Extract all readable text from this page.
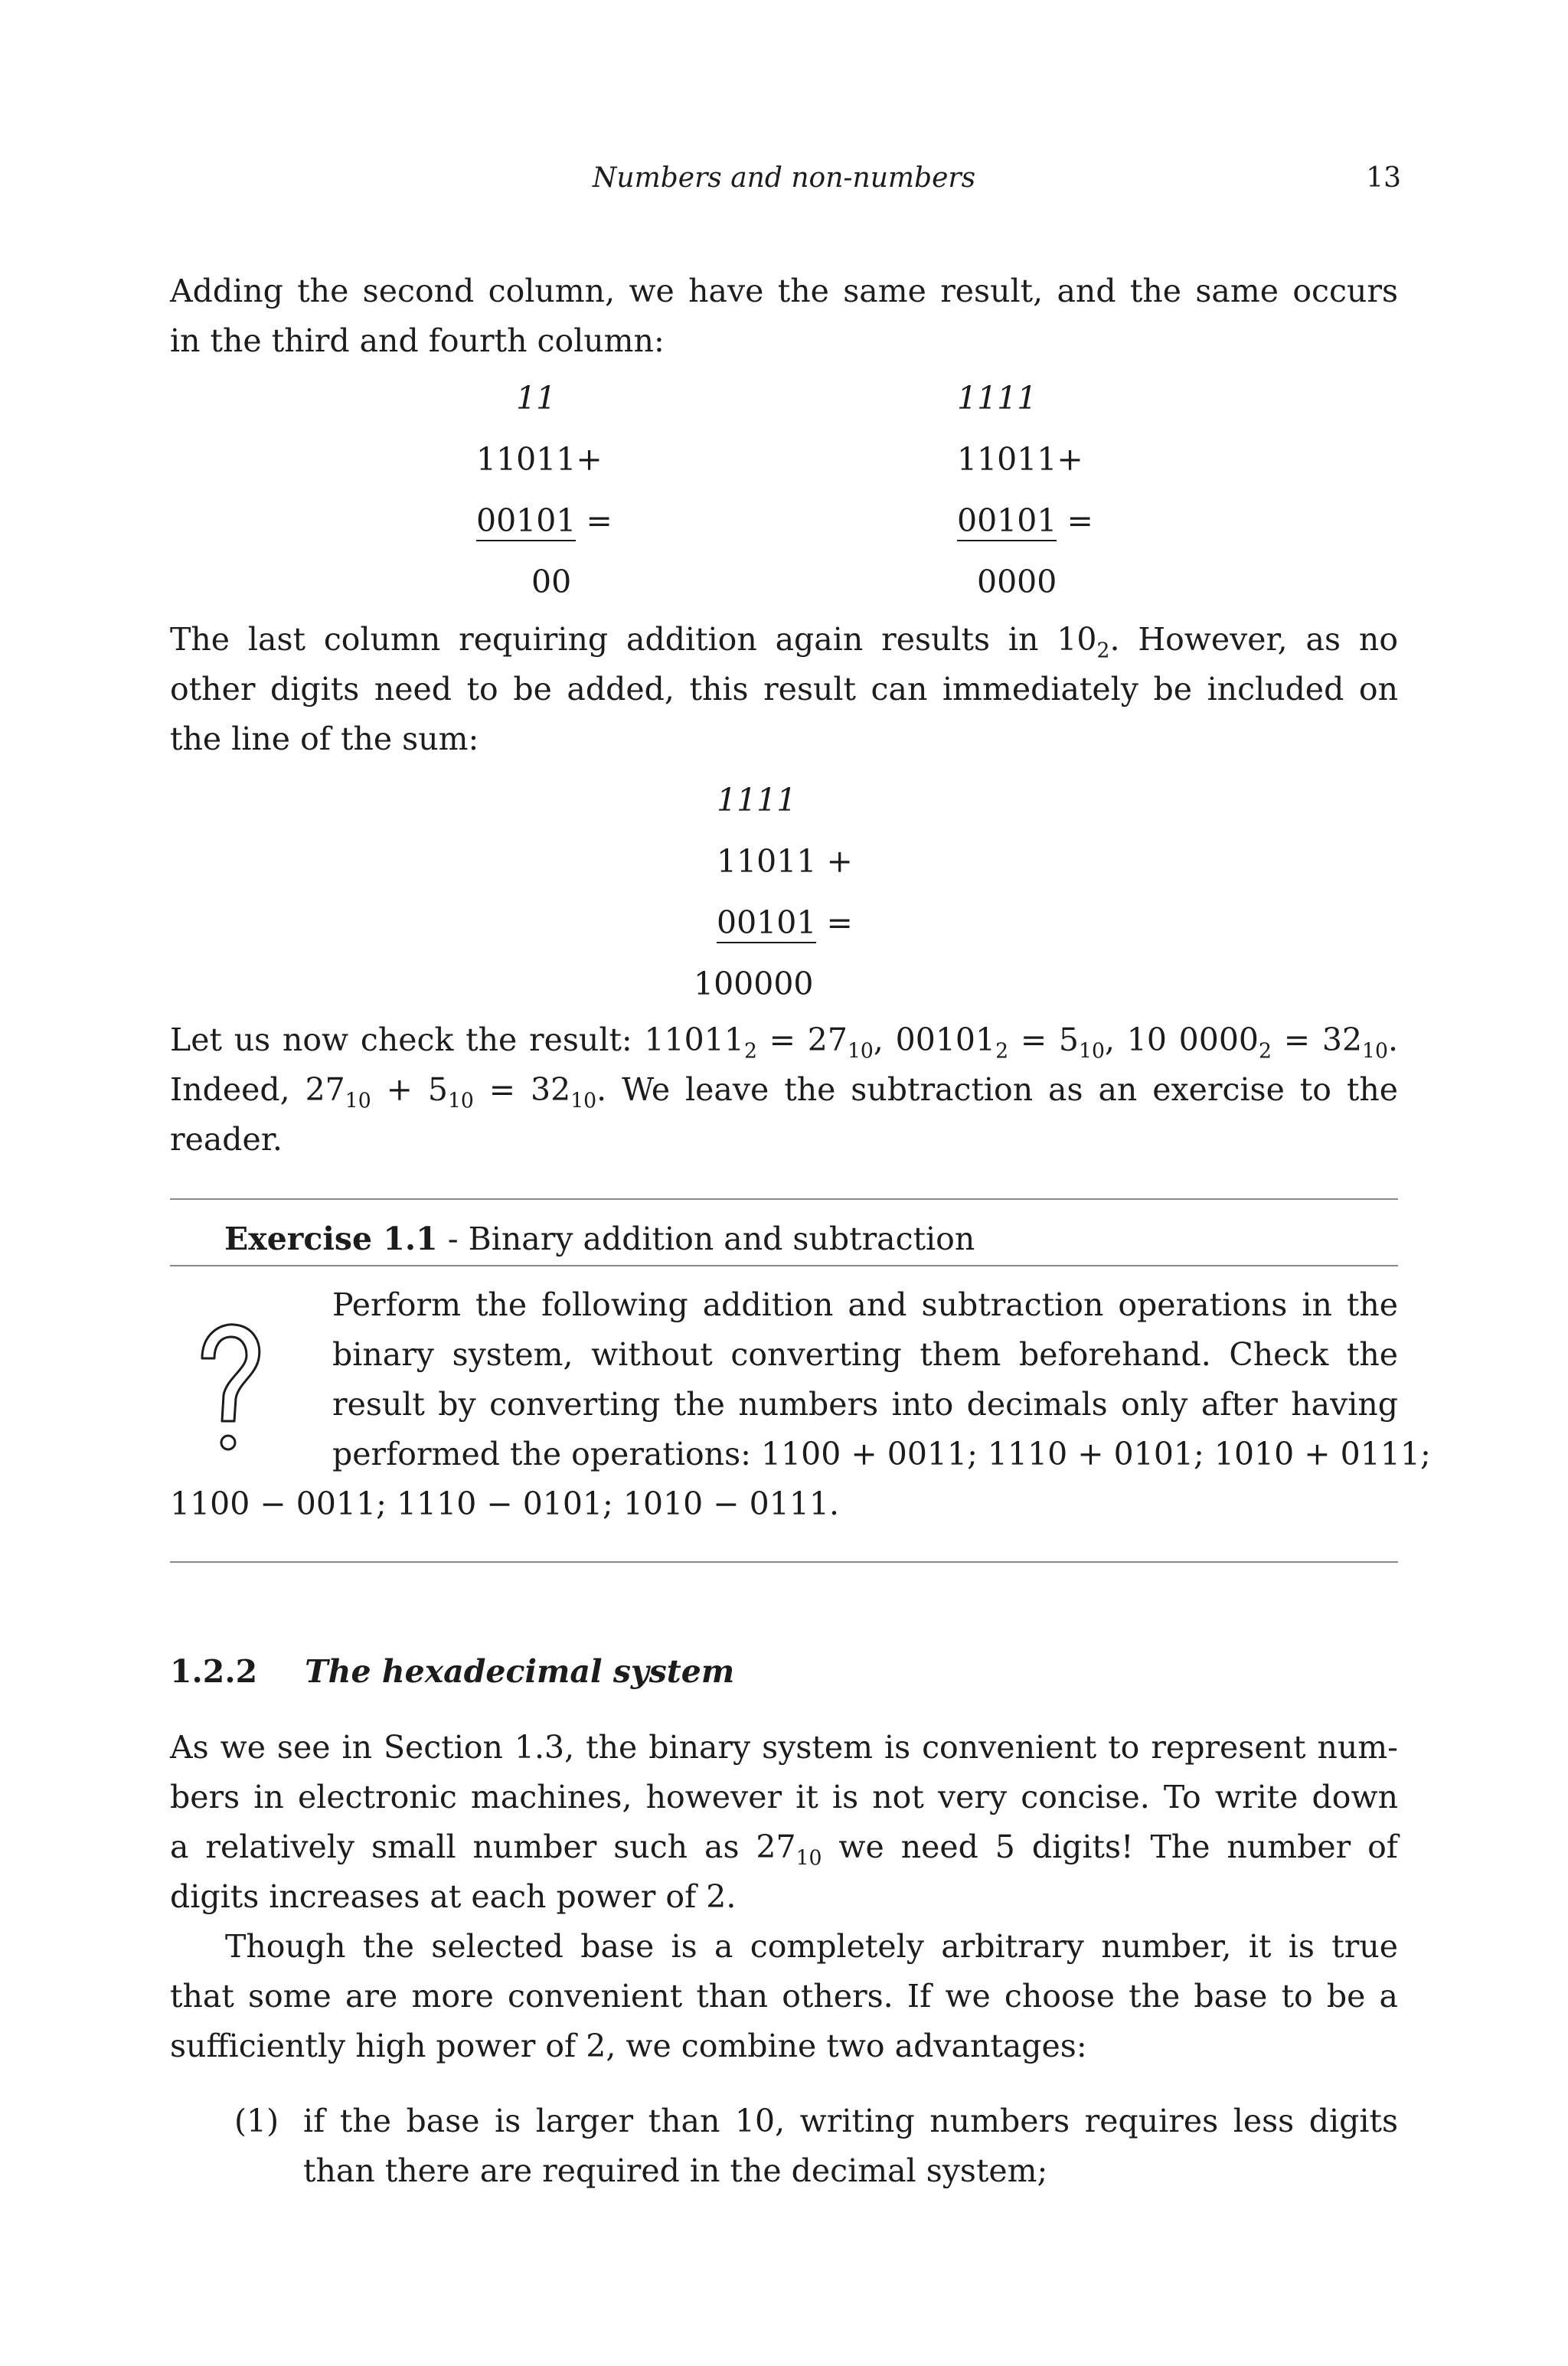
Numbers and non-numbers	13
Adding the second column, we have the same result, and the same occurs
in the third and fourth column:
11
11011+
00101 =
00
1111
11011+
00101 =
0000
The last column requiring addition again results in $10_2$. However, as no
other digits need to be added, this result can immediately be included on
the line of the sum:
1111
11011 +
00101 =
100000
Let us now check the result: $11011_2 = 27_{10}$, $00101_2 = 5_{10}$, 10 $0000_2 = 32_{10}$.
Indeed, $27_{10} + 5_{10} = 32_{10}$. We leave the subtraction as an exercise to the
reader.
Exercise 1.1 - Binary addition and subtraction
Perform the following addition and subtraction operations in the
binary system, without converting them beforehand. Check the
result by converting the numbers into decimals only after having
performed the operations: 1100 + 0011; 1110 + 0101; 1010 + 0111;
1100 − 0011; 1110 − 0101; 1010 − 0111.
1.2.2 The hexadecimal system
As we see in Section 1.3, the binary system is convenient to represent num-
bers in electronic machines, however it is not very concise. To write down
a relatively small number such as $27_{10}$ we need 5 digits! The number of
digits increases at each power of 2.
Though the selected base is a completely arbitrary number, it is true
that some are more convenient than others. If we choose the base to be a
sufficiently high power of 2, we combine two advantages:
(1) if the base is larger than 10, writing numbers requires less digits
than there are required in the decimal system;
